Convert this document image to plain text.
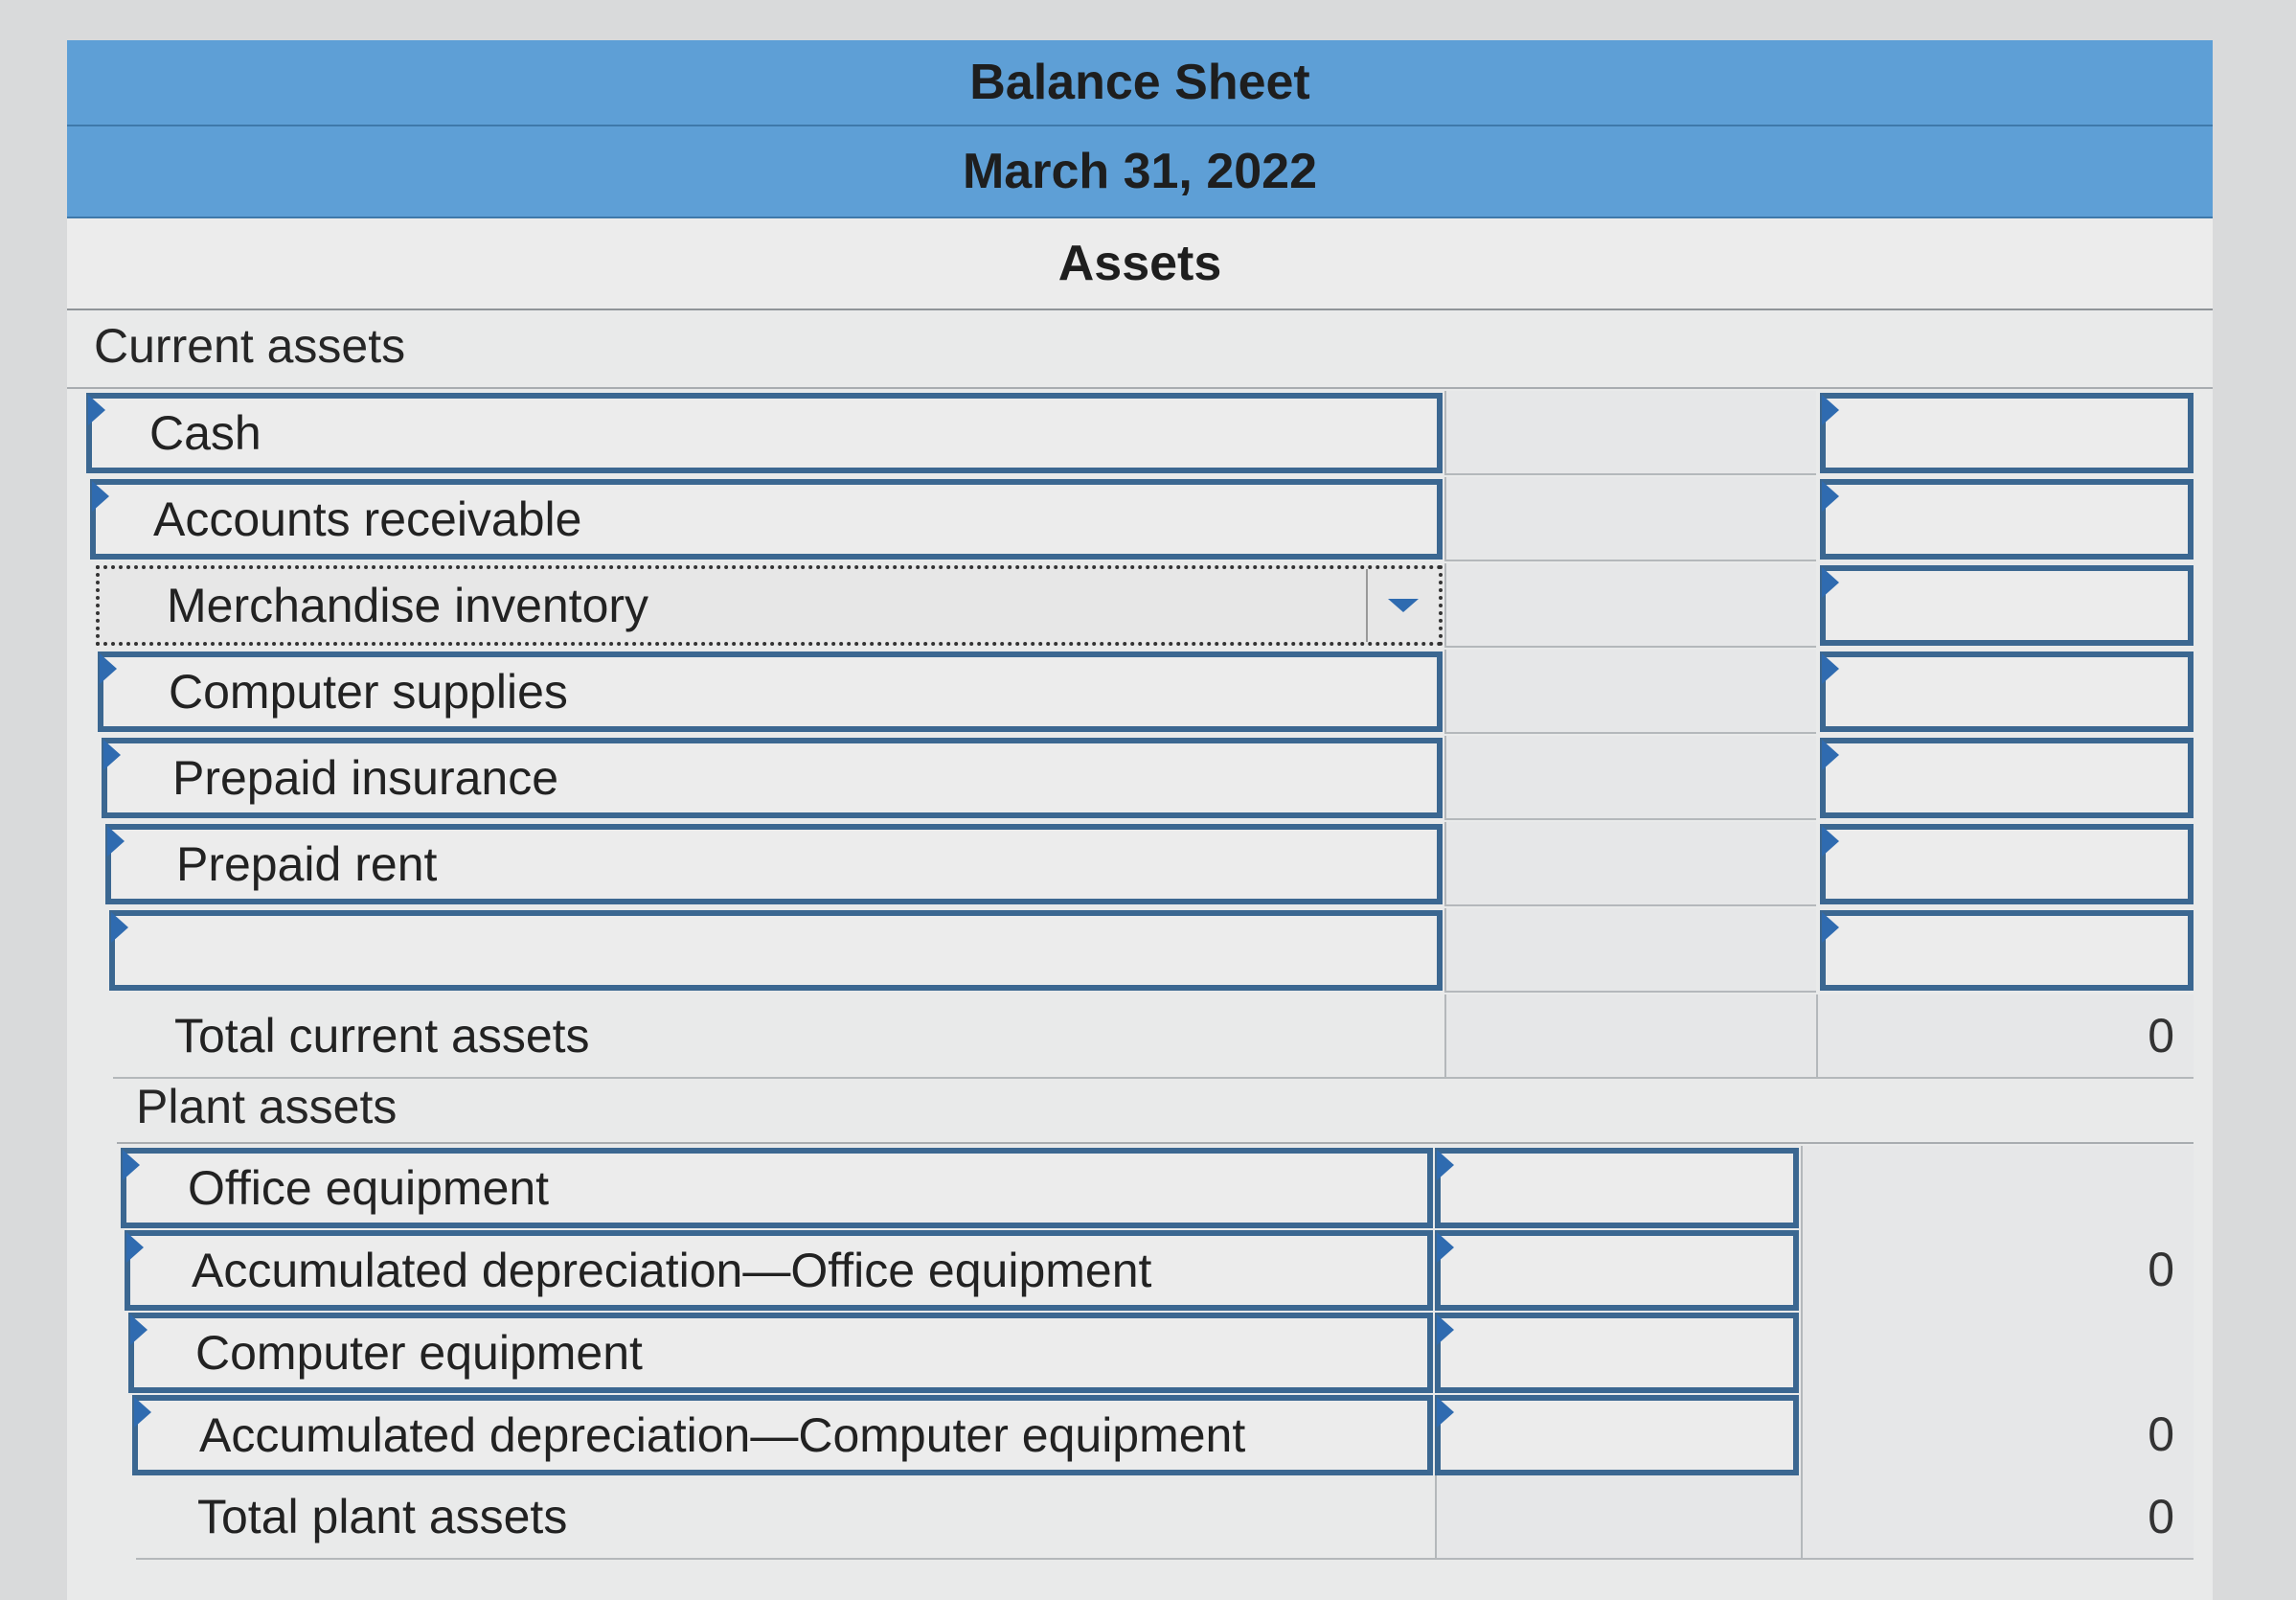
Balance Sheet
March 31, 2022
Assets
Current assets
Cash
Accounts receivable
Merchandise inventory
Computer supplies
Prepaid insurance
Prepaid rent
Total current assets	0
Plant assets
Office equipment
Accumulated depreciation—Office equipment	0
Computer equipment
Accumulated depreciation—Computer equipment	0
Total plant assets	0
